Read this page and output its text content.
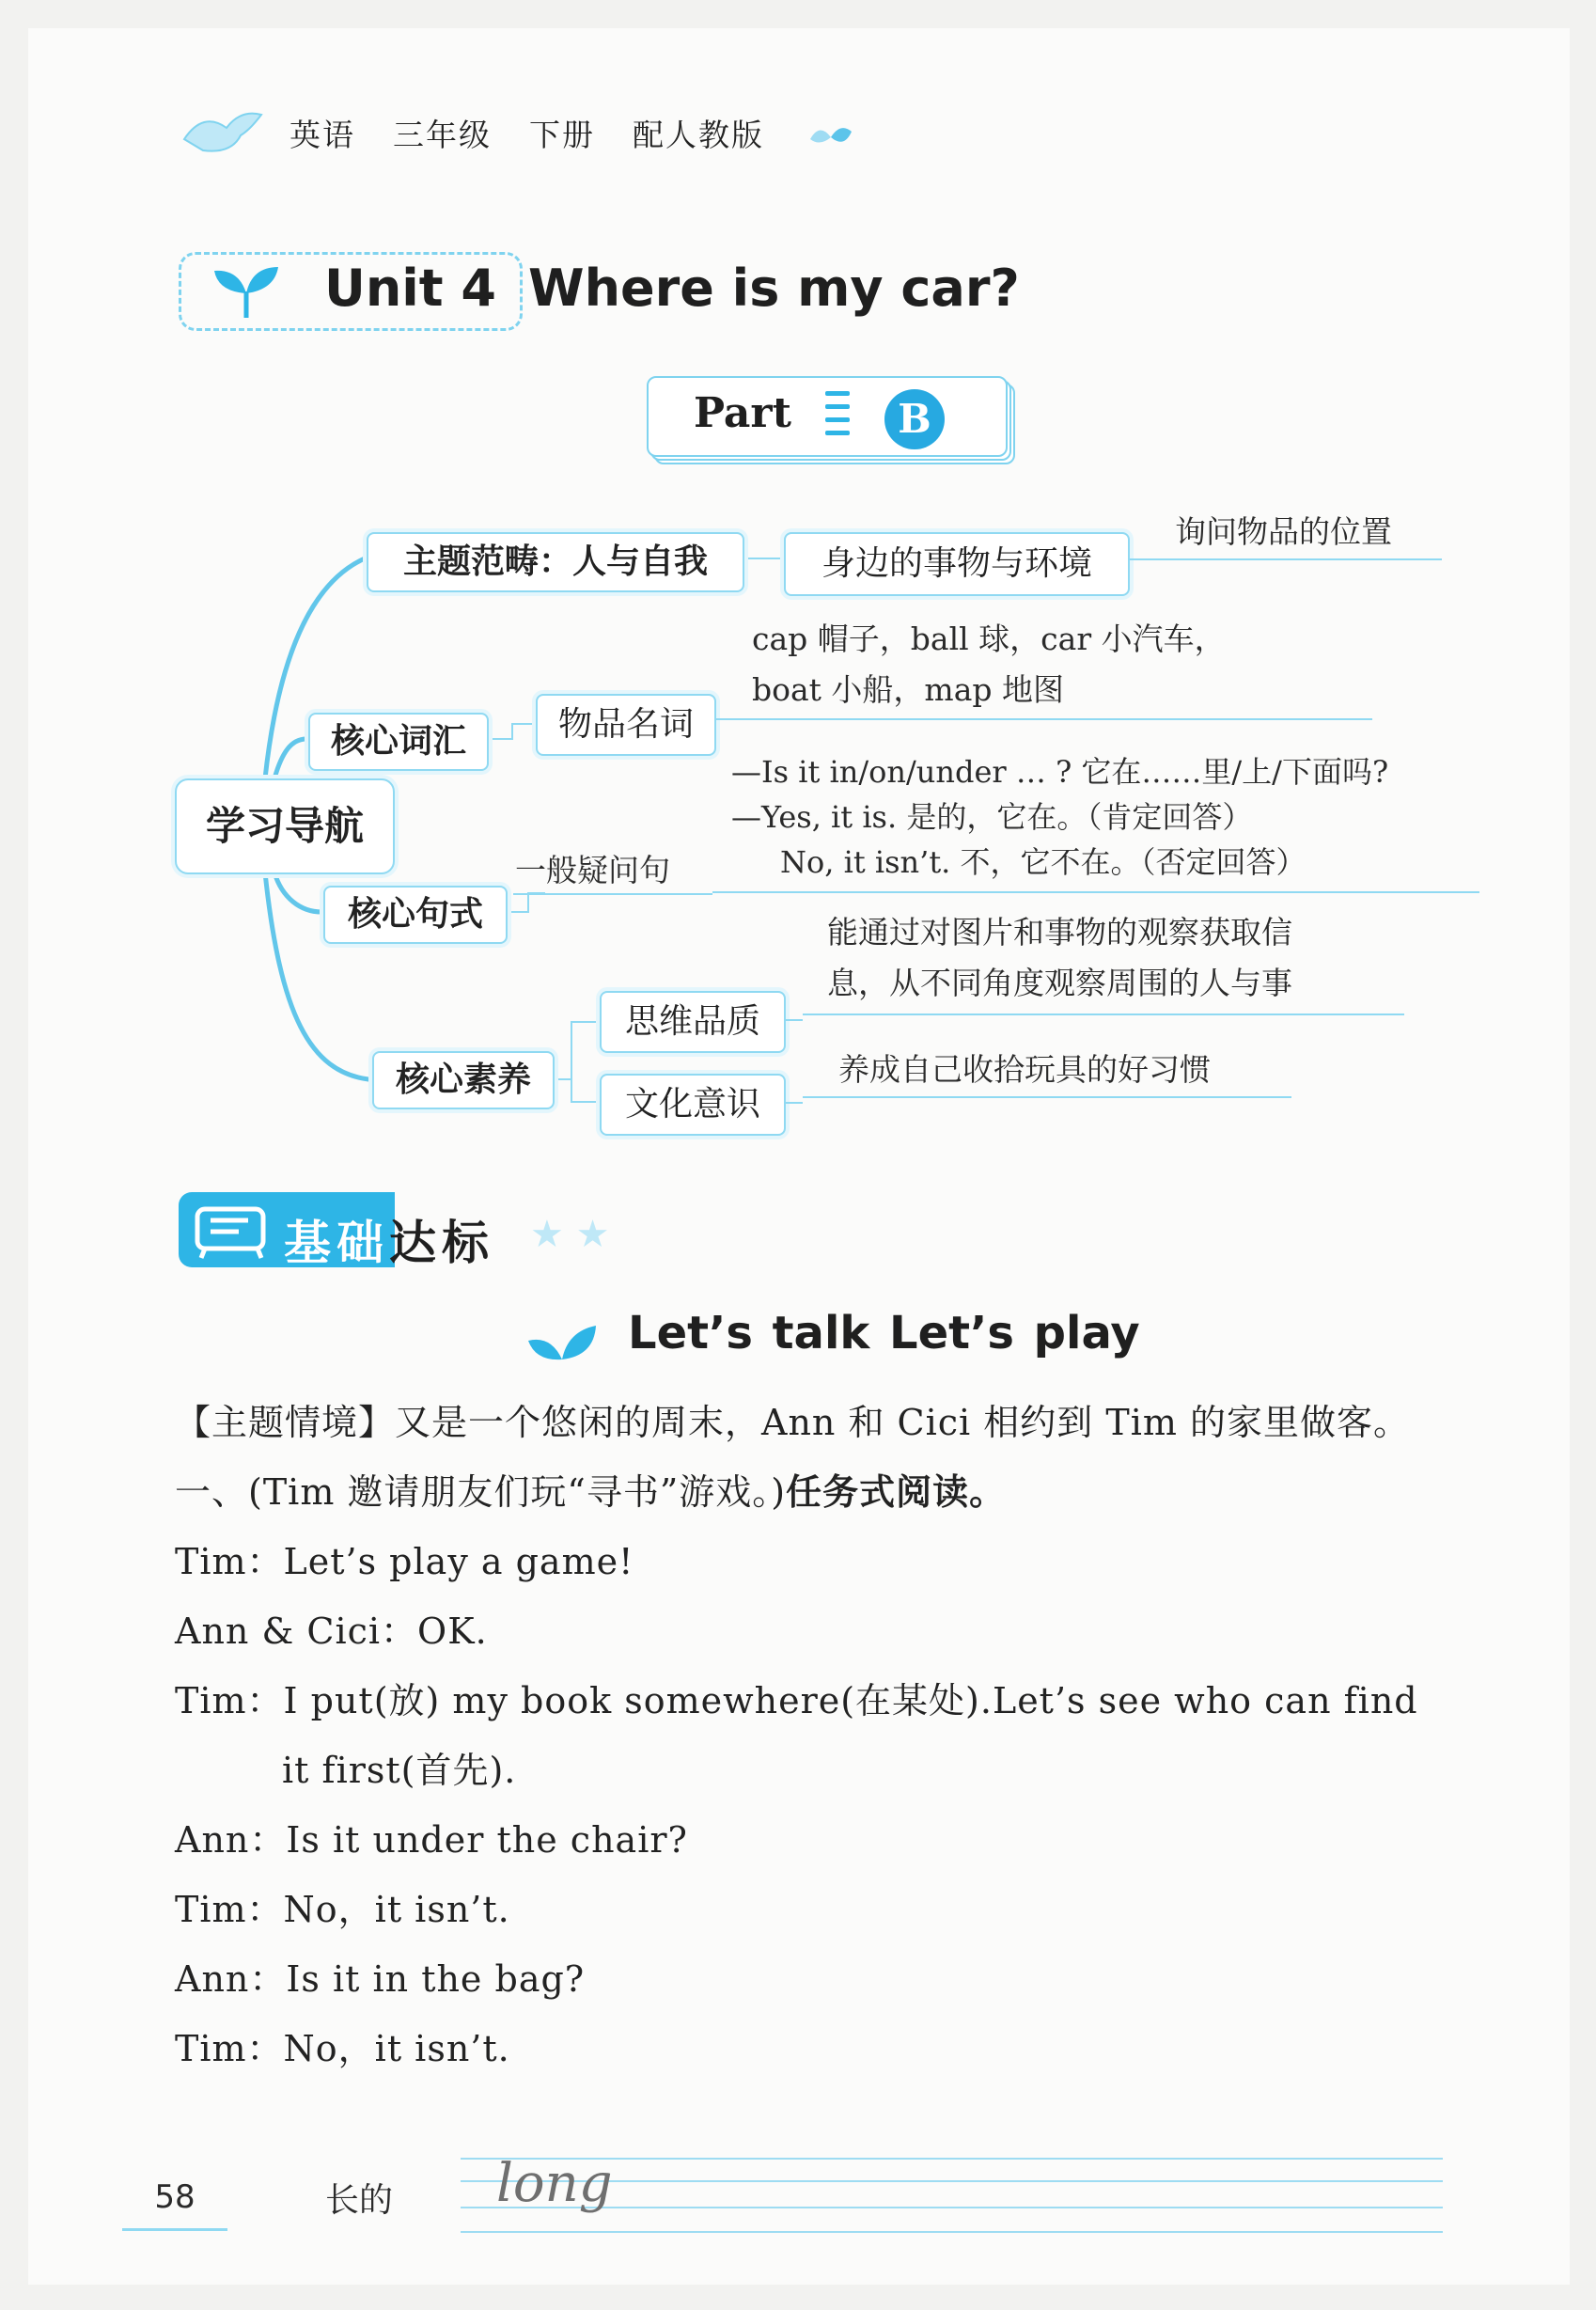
英语 三年级 下册 配人教版
Unit 4 Where is my car?
Part	B
学习导航
主题范畴：人与自我	身边的事物与环境
询问物品的位置
核心词汇	物品名词
cap 帽子，ball 球，car 小汽车，
boat 小船，map 地图
核心句式
一般疑问句
—Is it in/on/under … ? 它在……里/上/下面吗?
—Yes, it is. 是的，它在。（肯定回答）
No, it isn’t. 不，它不在。（否定回答）
核心素养
思维品质
能通过对图片和事物的观察获取信
息，从不同角度观察周围的人与事
文化意识
养成自己收拾玩具的好习惯
基础达标 ★ ★
Let’s talk Let’s play
【主题情境】又是一个悠闲的周末，Ann 和 Cici 相约到 Tim 的家里做客。
一、(Tim 邀请朋友们玩“寻书”游戏。)任务式阅读。
Tim：Let’s play a game!
Ann & Cici：OK.
Tim：I put(放) my book somewhere(在某处).Let’s see who can find
it first(首先).
Ann：Is it under the chair?
Tim：No，it isn’t.
Ann：Is it in the bag?
Tim：No，it isn’t.
58	长的 long
